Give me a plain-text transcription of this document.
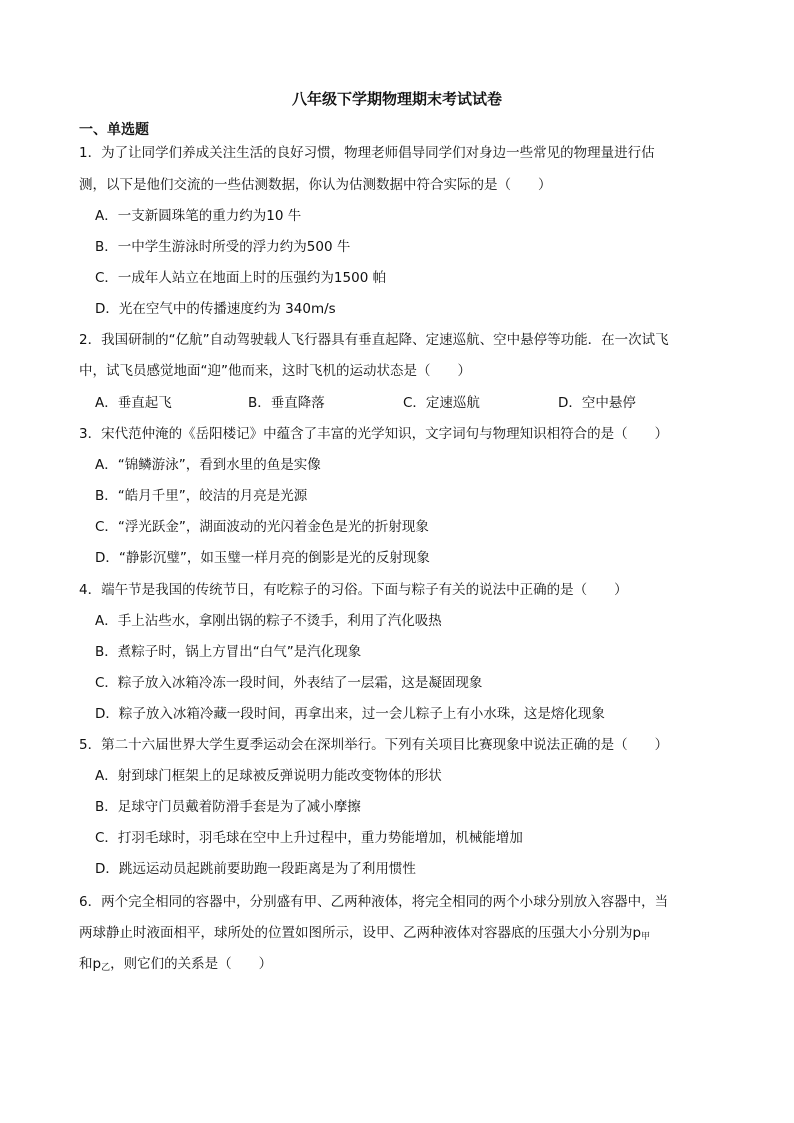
八年级下学期物理期末考试试卷
一、单选题
1．为了让同学们养成关注生活的良好习惯，物理老师倡导同学们对身边一些常见的物理量进行估
测，以下是他们交流的一些估测数据，你认为估测数据中符合实际的是（　　）
A．一支新圆珠笔的重力约为10 牛
B．一中学生游泳时所受的浮力约为500 牛
C．一成年人站立在地面上时的压强约为1500 帕
D．光在空气中的传播速度约为 340m/s
2．我国研制的“亿航”自动驾驶载人飞行器具有垂直起降、定速巡航、空中悬停等功能．在一次试飞
中，试飞员感觉地面“迎”他而来，这时飞机的运动状态是（　　）
A．垂直起飞	B．垂直降落	C．定速巡航	D．空中悬停
3．宋代范仲淹的《岳阳楼记》中蕴含了丰富的光学知识，文字词句与物理知识相符合的是（　　）
A．“锦鳞游泳”，看到水里的鱼是实像
B．“皓月千里”，皎洁的月亮是光源
C．“浮光跃金”，湖面波动的光闪着金色是光的折射现象
D．“静影沉璧”，如玉璧一样月亮的倒影是光的反射现象
4．端午节是我国的传统节日，有吃粽子的习俗。下面与粽子有关的说法中正确的是（　　）
A．手上沾些水，拿刚出锅的粽子不烫手，利用了汽化吸热
B．煮粽子时，锅上方冒出“白气”是汽化现象
C．粽子放入冰箱冷冻一段时间，外表结了一层霜，这是凝固现象
D．粽子放入冰箱冷藏一段时间，再拿出来，过一会儿粽子上有小水珠，这是熔化现象
5．第二十六届世界大学生夏季运动会在深圳举行。下列有关项目比赛现象中说法正确的是（　　）
A．射到球门框架上的足球被反弹说明力能改变物体的形状
B．足球守门员戴着防滑手套是为了减小摩擦
C．打羽毛球时，羽毛球在空中上升过程中，重力势能增加，机械能增加
D．跳远运动员起跳前要助跑一段距离是为了利用惯性
6．两个完全相同的容器中，分别盛有甲、乙两种液体，将完全相同的两个小球分别放入容器中，当
两球静止时液面相平，球所处的位置如图所示，设甲、乙两种液体对容器底的压强大小分别为$p_甲$
和$p_乙$，则它们的关系是（　　）
